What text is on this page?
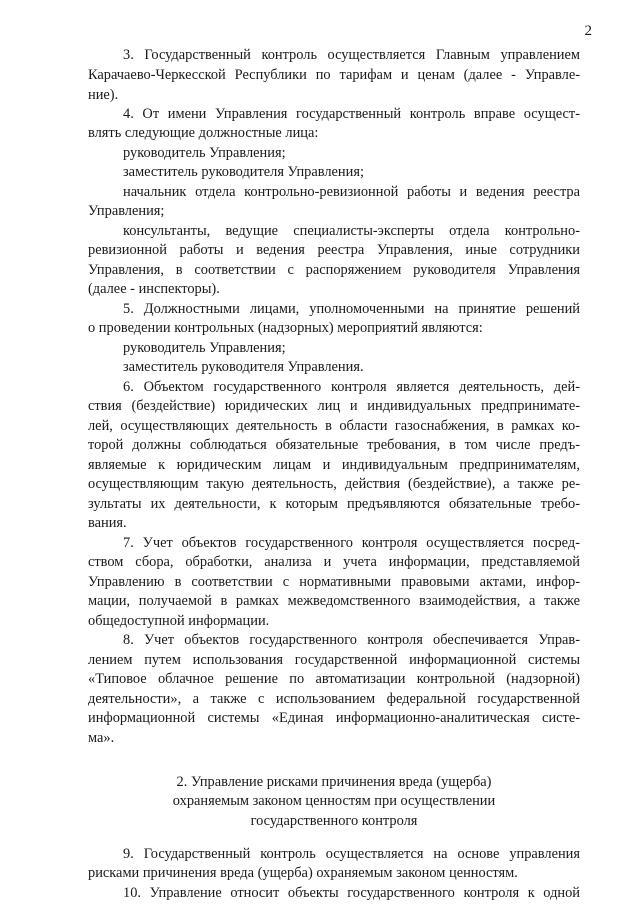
2
3. Государственный контроль осуществляется Главным управлением
Карачаево-Черкесской Республики по тарифам и ценам (далее - Управле-
ние).
4. От имени Управления государственный контроль вправе осущест-
влять следующие должностные лица:
руководитель Управления;
заместитель руководителя Управления;
начальник отдела контрольно-ревизионной работы и ведения реестра
Управления;
консультанты, ведущие специалисты-эксперты отдела контрольно-
ревизионной работы и ведения реестра Управления, иные сотрудники
Управления, в соответствии с распоряжением руководителя Управления
(далее - инспекторы).
5. Должностными лицами, уполномоченными на принятие решений
о проведении контрольных (надзорных) мероприятий являются:
руководитель Управления;
заместитель руководителя Управления.
6. Объектом государственного контроля является деятельность, дей-
ствия (бездействие) юридических лиц и индивидуальных предпринимате-
лей, осуществляющих деятельность в области газоснабжения, в рамках ко-
торой должны соблюдаться обязательные требования, в том числе предъ-
являемые к юридическим лицам и индивидуальным предпринимателям,
осуществляющим такую деятельность, действия (бездействие), а также ре-
зультаты их деятельности, к которым предъявляются обязательные требо-
вания.
7. Учет объектов государственного контроля осуществляется посред-
ством сбора, обработки, анализа и учета информации, представляемой
Управлению в соответствии с нормативными правовыми актами, инфор-
мации, получаемой в рамках межведомственного взаимодействия, а также
общедоступной информации.
8. Учет объектов государственного контроля обеспечивается Управ-
лением путем использования государственной информационной системы
«Типовое облачное решение по автоматизации контрольной (надзорной)
деятельности», а также с использованием федеральной государственной
информационной системы «Единая информационно-аналитическая систе-
ма».
2. Управление рисками причинения вреда (ущерба)
охраняемым законом ценностям при осуществлении
государственного контроля
9. Государственный контроль осуществляется на основе управления
рисками причинения вреда (ущерба) охраняемым законом ценностям.
10. Управление относит объекты государственного контроля к одной
